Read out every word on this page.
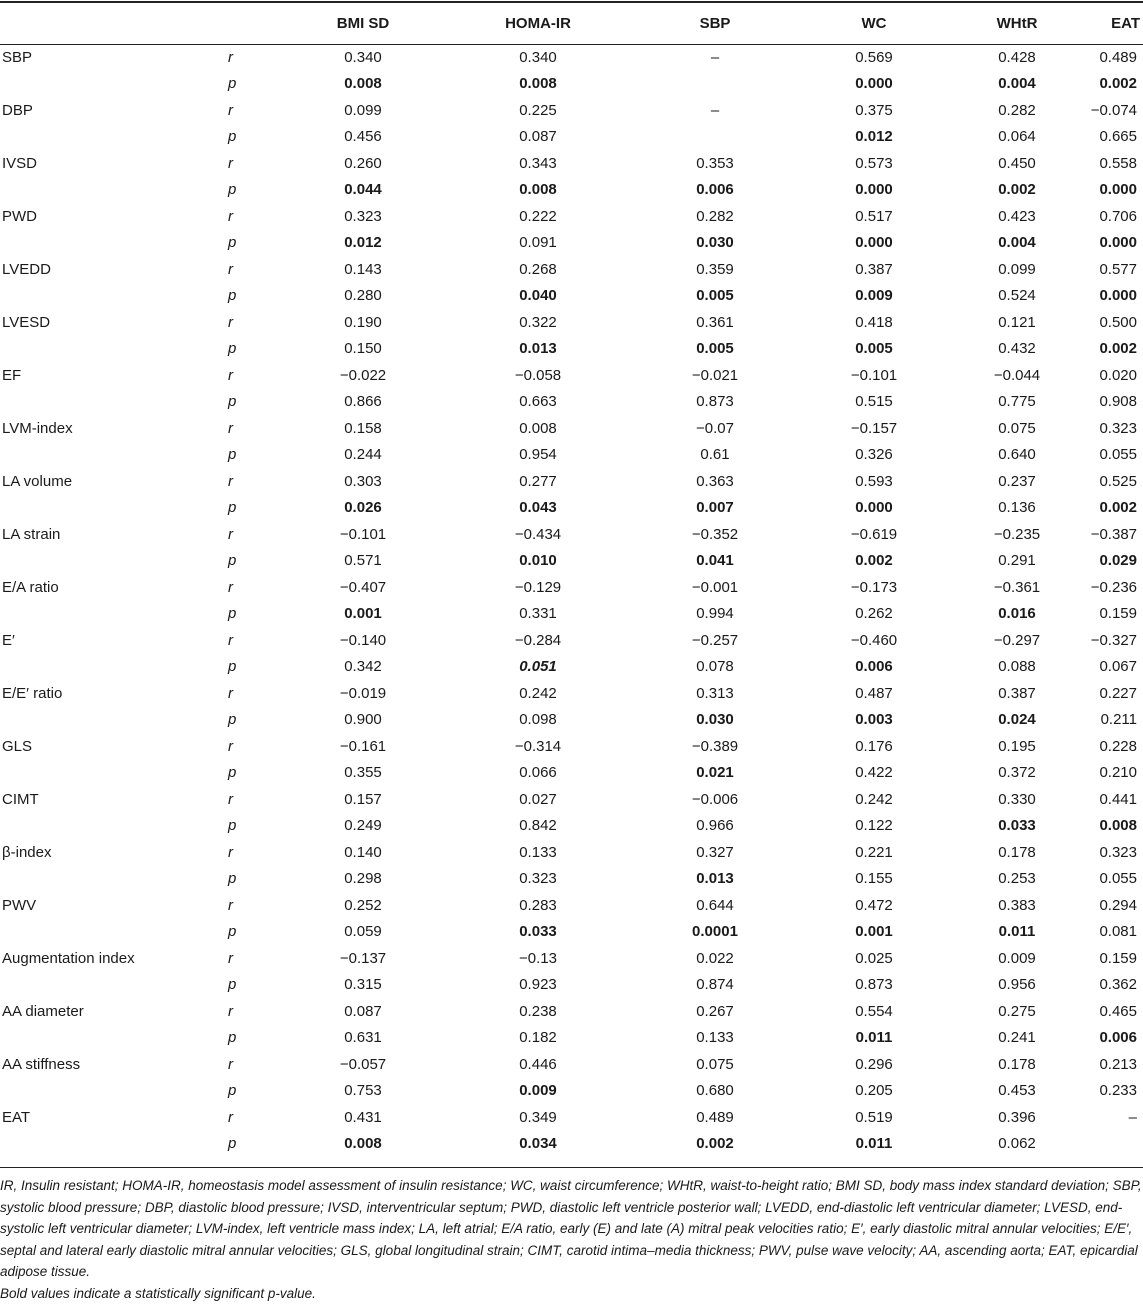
		BMI SD	HOMA-IR	SBP	WC	WHtR	EAT
SBP	r	0.340	0.340	–	0.569	0.428	0.489
	p	0.008	0.008		0.000	0.004	0.002
DBP	r	0.099	0.225	–	0.375	0.282	−0.074
	p	0.456	0.087		0.012	0.064	0.665
IVSD	r	0.260	0.343	0.353	0.573	0.450	0.558
	p	0.044	0.008	0.006	0.000	0.002	0.000
PWD	r	0.323	0.222	0.282	0.517	0.423	0.706
	p	0.012	0.091	0.030	0.000	0.004	0.000
LVEDD	r	0.143	0.268	0.359	0.387	0.099	0.577
	p	0.280	0.040	0.005	0.009	0.524	0.000
LVESD	r	0.190	0.322	0.361	0.418	0.121	0.500
	p	0.150	0.013	0.005	0.005	0.432	0.002
EF	r	−0.022	−0.058	−0.021	−0.101	−0.044	0.020
	p	0.866	0.663	0.873	0.515	0.775	0.908
LVM-index	r	0.158	0.008	−0.07	−0.157	0.075	0.323
	p	0.244	0.954	0.61	0.326	0.640	0.055
LA volume	r	0.303	0.277	0.363	0.593	0.237	0.525
	p	0.026	0.043	0.007	0.000	0.136	0.002
LA strain	r	−0.101	−0.434	−0.352	−0.619	−0.235	−0.387
	p	0.571	0.010	0.041	0.002	0.291	0.029
E/A ratio	r	−0.407	−0.129	−0.001	−0.173	−0.361	−0.236
	p	0.001	0.331	0.994	0.262	0.016	0.159
E′	r	−0.140	−0.284	−0.257	−0.460	−0.297	−0.327
	p	0.342	0.051	0.078	0.006	0.088	0.067
E/E′ ratio	r	−0.019	0.242	0.313	0.487	0.387	0.227
	p	0.900	0.098	0.030	0.003	0.024	0.211
GLS	r	−0.161	−0.314	−0.389	0.176	0.195	0.228
	p	0.355	0.066	0.021	0.422	0.372	0.210
CIMT	r	0.157	0.027	−0.006	0.242	0.330	0.441
	p	0.249	0.842	0.966	0.122	0.033	0.008
β-index	r	0.140	0.133	0.327	0.221	0.178	0.323
	p	0.298	0.323	0.013	0.155	0.253	0.055
PWV	r	0.252	0.283	0.644	0.472	0.383	0.294
	p	0.059	0.033	0.0001	0.001	0.011	0.081
Augmentation index	r	−0.137	−0.13	0.022	0.025	0.009	0.159
	p	0.315	0.923	0.874	0.873	0.956	0.362
AA diameter	r	0.087	0.238	0.267	0.554	0.275	0.465
	p	0.631	0.182	0.133	0.011	0.241	0.006
AA stiffness	r	−0.057	0.446	0.075	0.296	0.178	0.213
	p	0.753	0.009	0.680	0.205	0.453	0.233
EAT	r	0.431	0.349	0.489	0.519	0.396	–
	p	0.008	0.034	0.002	0.011	0.062	

IR, Insulin resistant; HOMA-IR, homeostasis model assessment of insulin resistance; WC, waist circumference; WHtR, waist-to-height ratio; BMI SD, body mass index standard deviation; SBP, systolic blood pressure; DBP, diastolic blood pressure; IVSD, interventricular septum; PWD, diastolic left ventricle posterior wall; LVEDD, end-diastolic left ventricular diameter; LVESD, end-systolic left ventricular diameter; LVM-index, left ventricle mass index; LA, left atrial; E/A ratio, early (E) and late (A) mitral peak velocities ratio; E′, early diastolic mitral annular velocities; E/E′, septal and lateral early diastolic mitral annular velocities; GLS, global longitudinal strain; CIMT, carotid intima–media thickness; PWV, pulse wave velocity; AA, ascending aorta; EAT, epicardial adipose tissue.

Bold values indicate a statistically significant p-value.
